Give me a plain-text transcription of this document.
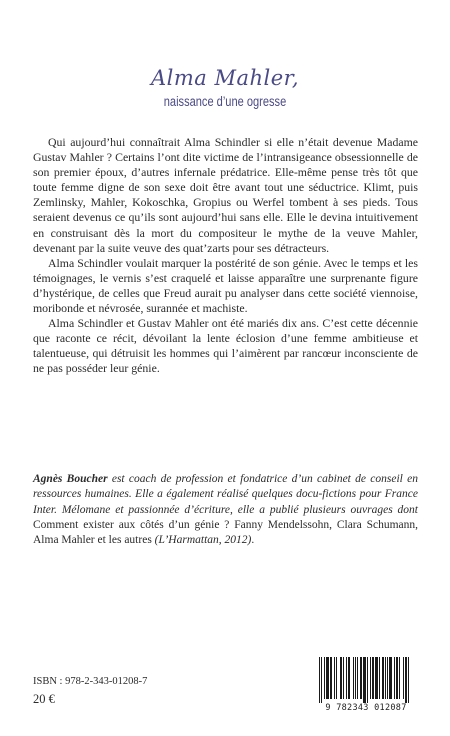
Alma Mahler,
naissance d’une ogresse

Qui aujourd’hui connaîtrait Alma Schindler si elle n’était devenue Madame Gustav Mahler ? Certains l’ont dite victime de l’intransigeance obsessionnelle de son premier époux, d’autres infernale prédatrice. Elle-même pense très tôt que toute femme digne de son sexe doit être avant tout une séductrice. Klimt, puis Zemlinsky, Mahler, Kokoschka, Gropius ou Werfel tombent à ses pieds. Tous seraient devenus ce qu’ils sont aujourd’hui sans elle. Elle le devina intuitivement en construisant dès la mort du compositeur le mythe de la veuve Mahler, devenant par la suite veuve des quat’zarts pour ses détracteurs.

Alma Schindler voulait marquer la postérité de son génie. Avec le temps et les témoignages, le vernis s’est craquelé et laisse apparaître une surprenante figure d’hystérique, de celles que Freud aurait pu analyser dans cette société viennoise, moribonde et névrosée, surannée et machiste.

Alma Schindler et Gustav Mahler ont été mariés dix ans. C’est cette décennie que raconte ce récit, dévoilant la lente éclosion d’une femme ambitieuse et talentueuse, qui détruisit les hommes qui l’aimèrent par rancœur inconsciente de ne pas posséder leur génie.

Agnès Boucher est coach de profession et fondatrice d’un cabinet de conseil en ressources humaines. Elle a également réalisé quelques docu-fictions pour France Inter. Mélomane et passionnée d’écriture, elle a publié plusieurs ouvrages dont Comment exister aux côtés d’un génie ? Fanny Mendelssohn, Clara Schumann, Alma Mahler et les autres (L’Harmattan, 2012).

ISBN : 978-2-343-01208-7
20 €
9 782343 012087
